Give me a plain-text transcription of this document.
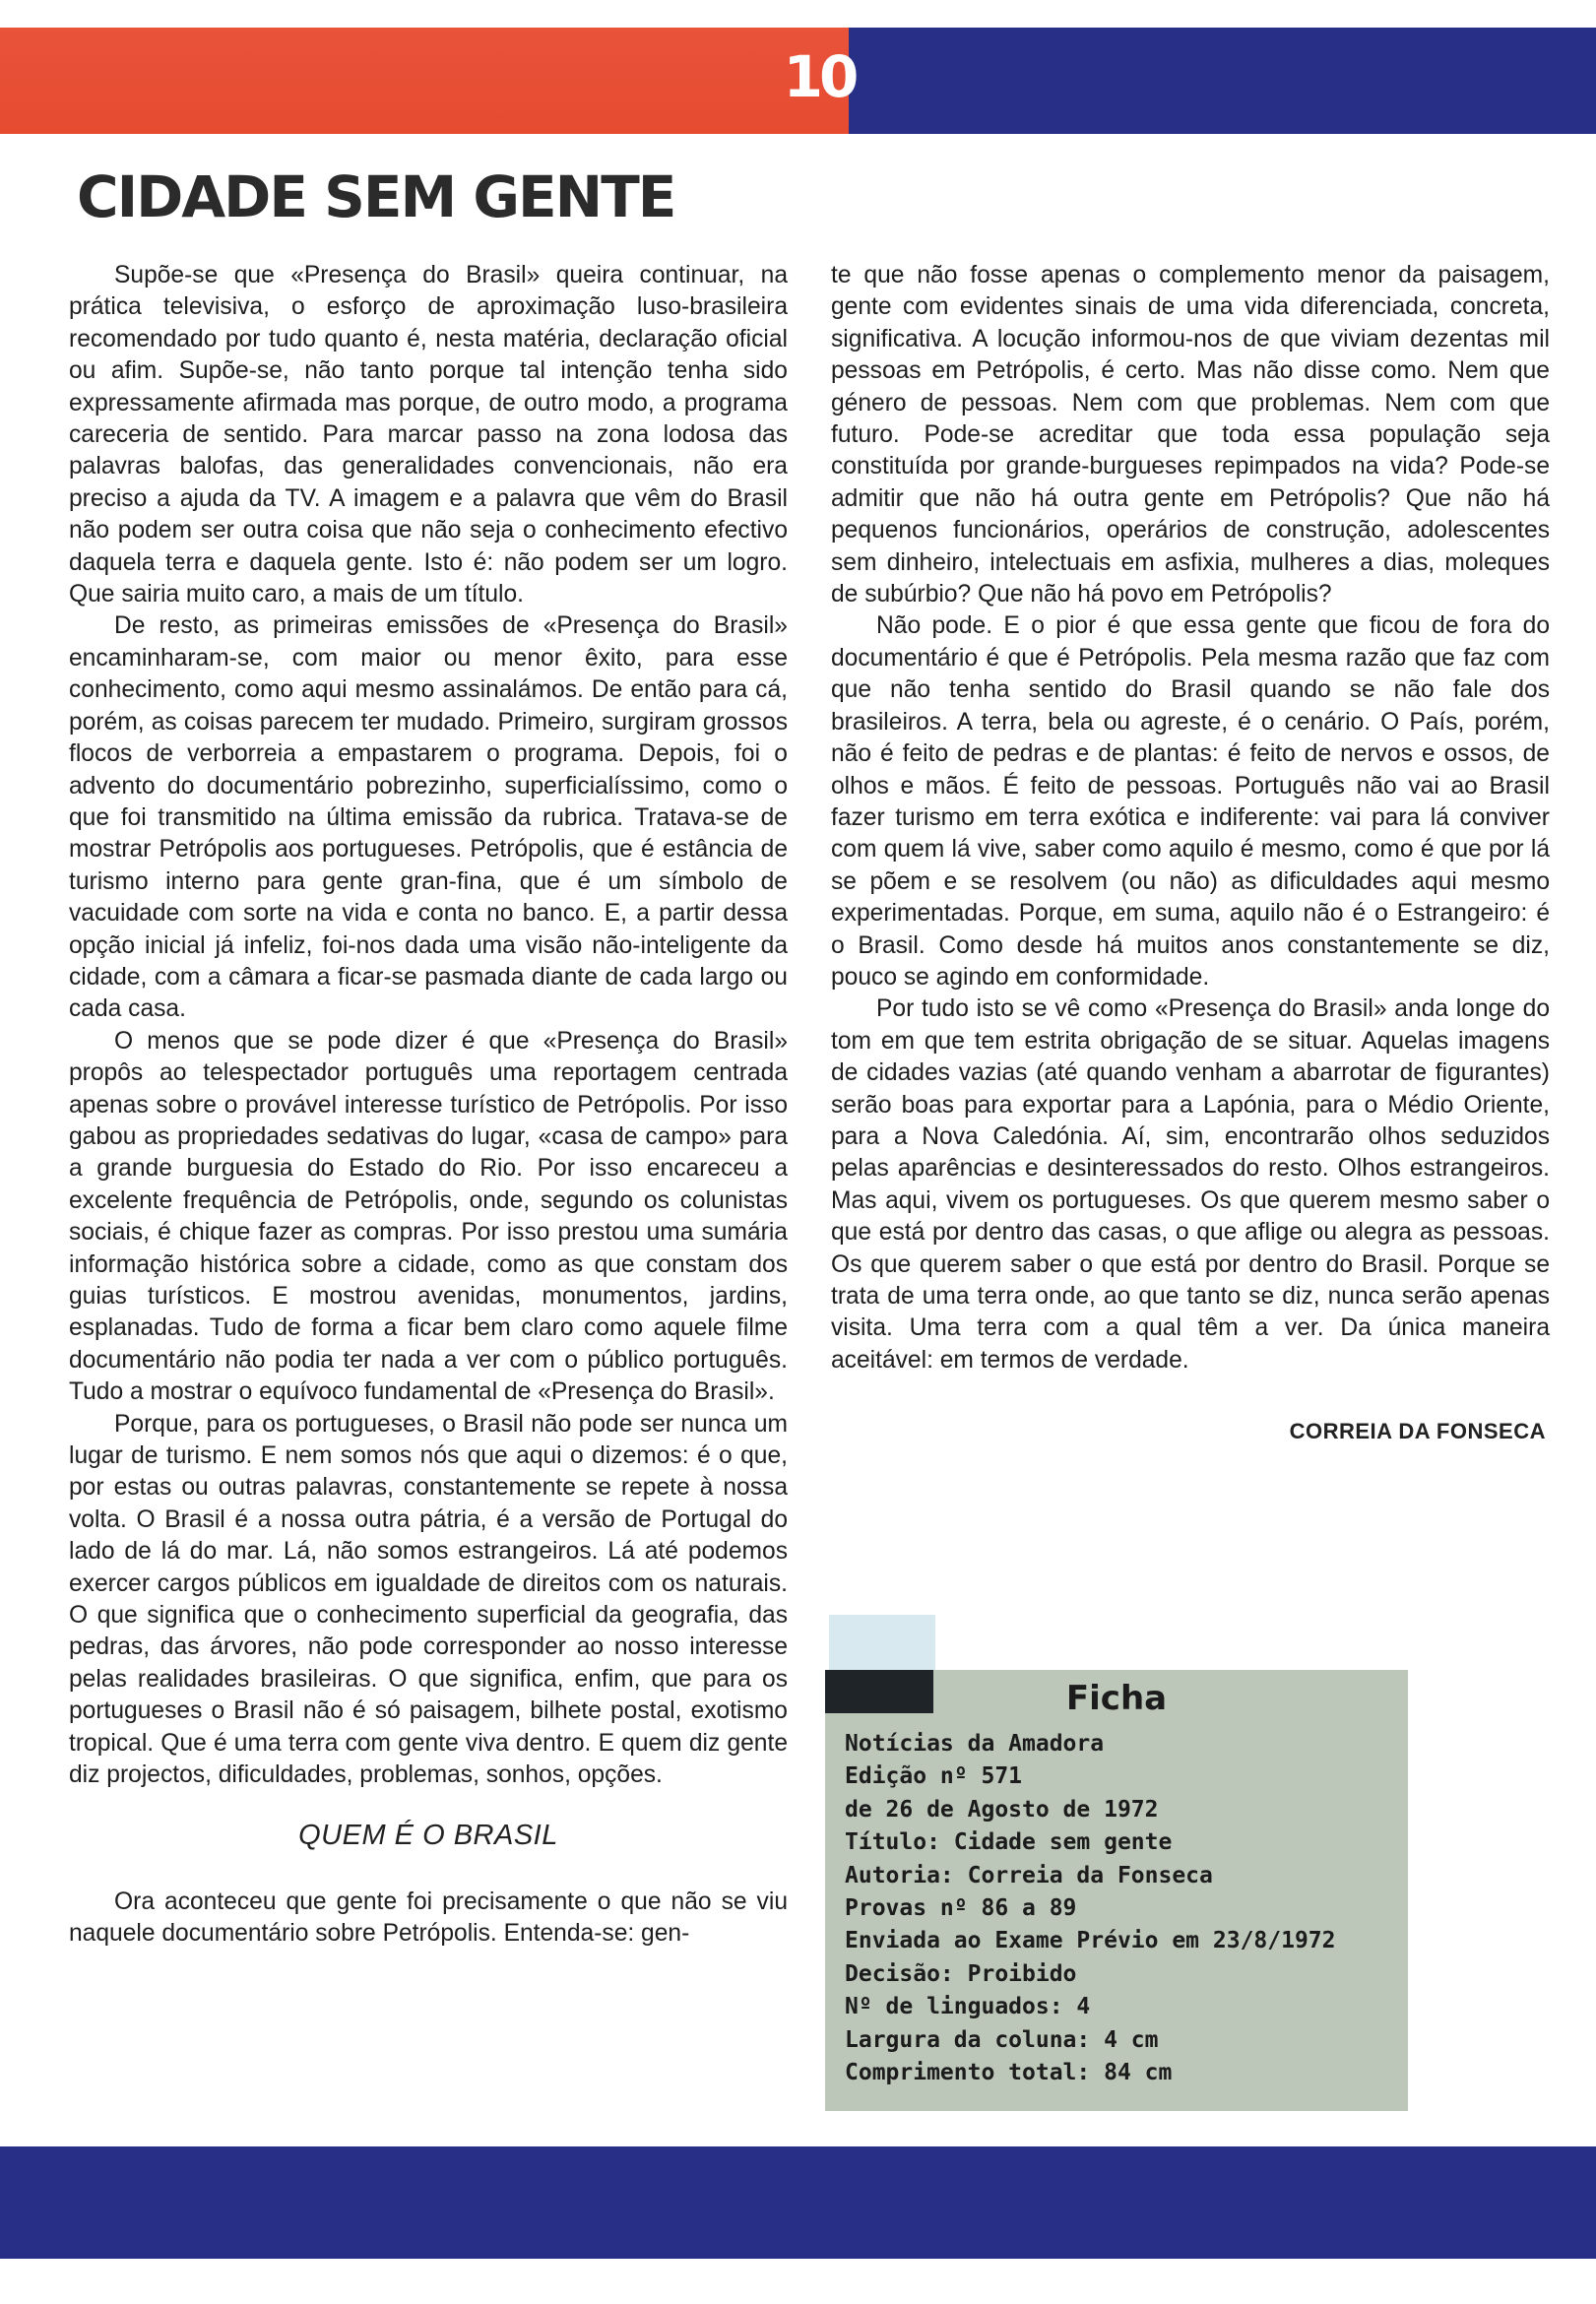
10
CIDADE SEM GENTE

Supõe-se que «Presença do Brasil» queira continuar, na prática televisiva, o esforço de aproximação luso-brasileira recomendado por tudo quanto é, nesta matéria, declaração oficial ou afim. Supõe-se, não tanto porque tal intenção tenha sido expressamente afirmada mas porque, de outro modo, a programa careceria de sentido. Para marcar passo na zona lodosa das palavras balofas, das generalidades convencionais, não era preciso a ajuda da TV. A imagem e a palavra que vêm do Brasil não podem ser outra coisa que não seja o conhecimento efectivo daquela terra e daquela gente. Isto é: não podem ser um logro. Que sairia muito caro, a mais de um título.

De resto, as primeiras emissões de «Presença do Brasil» encaminharam-se, com maior ou menor êxito, para esse conhecimento, como aqui mesmo assinalámos. De então para cá, porém, as coisas parecem ter mudado. Primeiro, surgiram grossos flocos de verborreia a empastarem o programa. Depois, foi o advento do documentário pobrezinho, superficialíssimo, como o que foi transmitido na última emissão da rubrica. Tratava-se de mostrar Petrópolis aos portugueses. Petrópolis, que é estância de turismo interno para gente gran-fina, que é um símbolo de vacuidade com sorte na vida e conta no banco. E, a partir dessa opção inicial já infeliz, foi-nos dada uma visão não-inteligente da cidade, com a câmara a ficar-se pasmada diante de cada largo ou cada casa.

O menos que se pode dizer é que «Presença do Brasil» propôs ao telespectador português uma reportagem centrada apenas sobre o provável interesse turístico de Petrópolis. Por isso gabou as propriedades sedativas do lugar, «casa de campo» para a grande burguesia do Estado do Rio. Por isso encareceu a excelente frequência de Petrópolis, onde, segundo os colunistas sociais, é chique fazer as compras. Por isso prestou uma sumária informação histórica sobre a cidade, como as que constam dos guias turísticos. E mostrou avenidas, monumentos, jardins, esplanadas. Tudo de forma a ficar bem claro como aquele filme documentário não podia ter nada a ver com o público português. Tudo a mostrar o equívoco fundamental de «Presença do Brasil».

Porque, para os portugueses, o Brasil não pode ser nunca um lugar de turismo. E nem somos nós que aqui o dizemos: é o que, por estas ou outras palavras, constantemente se repete à nossa volta. O Brasil é a nossa outra pátria, é a versão de Portugal do lado de lá do mar. Lá, não somos estrangeiros. Lá até podemos exercer cargos públicos em igualdade de direitos com os naturais. O que significa que o conhecimento superficial da geografia, das pedras, das árvores, não pode corresponder ao nosso interesse pelas realidades brasileiras. O que significa, enfim, que para os portugueses o Brasil não é só paisagem, bilhete postal, exotismo tropical. Que é uma terra com gente viva dentro. E quem diz gente diz projectos, dificuldades, problemas, sonhos, opções.

QUEM É O BRASIL

Ora aconteceu que gente foi precisamente o que não se viu naquele documentário sobre Petrópolis. Entenda-se: gen-

te que não fosse apenas o complemento menor da paisagem, gente com evidentes sinais de uma vida diferenciada, concreta, significativa. A locução informou-nos de que viviam dezentas mil pessoas em Petrópolis, é certo. Mas não disse como. Nem que género de pessoas. Nem com que problemas. Nem com que futuro. Pode-se acreditar que toda essa população seja constituída por grande-burgueses repimpados na vida? Pode-se admitir que não há outra gente em Petrópolis? Que não há pequenos funcionários, operários de construção, adolescentes sem dinheiro, intelectuais em asfixia, mulheres a dias, moleques de subúrbio? Que não há povo em Petrópolis?

Não pode. E o pior é que essa gente que ficou de fora do documentário é que é Petrópolis. Pela mesma razão que faz com que não tenha sentido do Brasil quando se não fale dos brasileiros. A terra, bela ou agreste, é o cenário. O País, porém, não é feito de pedras e de plantas: é feito de nervos e ossos, de olhos e mãos. É feito de pessoas. Português não vai ao Brasil fazer turismo em terra exótica e indiferente: vai para lá conviver com quem lá vive, saber como aquilo é mesmo, como é que por lá se põem e se resolvem (ou não) as dificuldades aqui mesmo experimentadas. Porque, em suma, aquilo não é o Estrangeiro: é o Brasil. Como desde há muitos anos constantemente se diz, pouco se agindo em conformidade.

Por tudo isto se vê como «Presença do Brasil» anda longe do tom em que tem estrita obrigação de se situar. Aquelas imagens de cidades vazias (até quando venham a abarrotar de figurantes) serão boas para exportar para a Lapónia, para o Médio Oriente, para a Nova Caledónia. Aí, sim, encontrarão olhos seduzidos pelas aparências e desinteressados do resto. Olhos estrangeiros. Mas aqui, vivem os portugueses. Os que querem mesmo saber o que está por dentro das casas, o que aflige ou alegra as pessoas. Os que querem saber o que está por dentro do Brasil. Porque se trata de uma terra onde, ao que tanto se diz, nunca serão apenas visita. Uma terra com a qual têm a ver. Da única maneira aceitável: em termos de verdade.

CORREIA DA FONSECA
Ficha
Notícias da Amadora
Edição nº 571
de 26 de Agosto de 1972
Título: Cidade sem gente
Autoria: Correia da Fonseca
Provas nº 86 a 89
Enviada ao Exame Prévio em 23/8/1972
Decisão: Proibido
Nº de linguados: 4
Largura da coluna: 4 cm
Comprimento total: 84 cm
